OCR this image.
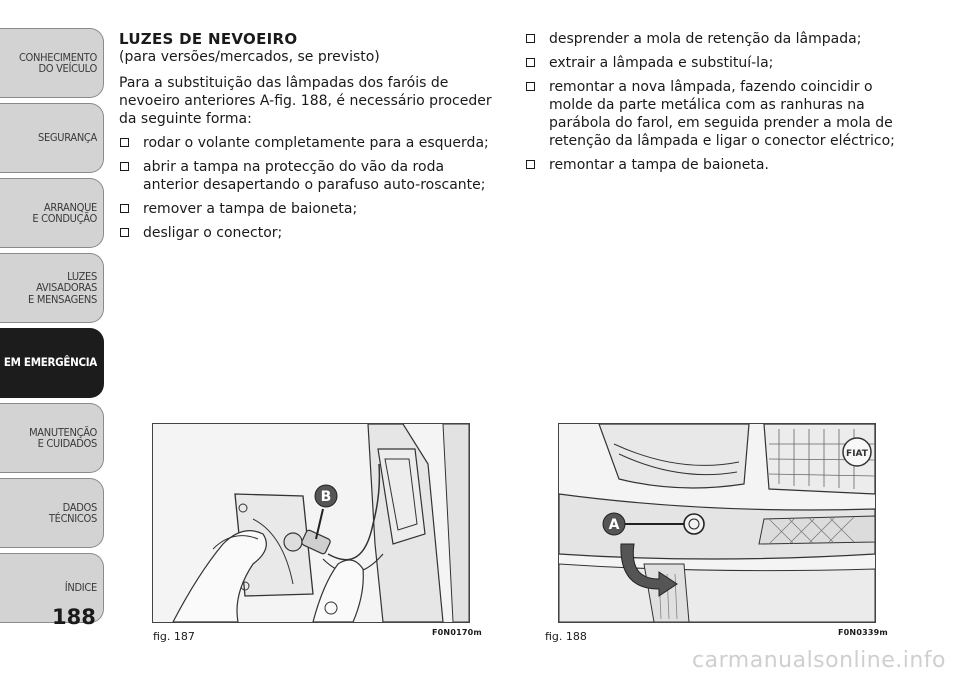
CONHECIMENTO
DO VEÍCULO
SEGURANÇA
ARRANQUE
E CONDUÇÃO
LUZES
AVISADORAS
E MENSAGENS
EM EMERGÊNCIA
MANUTENÇÃO
E CUIDADOS
DADOS
TÉCNICOS
ÍNDICE
188

LUZES DE NEVOEIRO

(para versões/mercados, se previsto)

Para a substituição das lâmpadas dos faróis de nevoeiro anteriores A-fig. 188, é necessário proceder da seguinte forma:

rodar o volante completamente para a esquerda;
abrir a tampa na protecção do vão da roda anterior desapertando o parafuso auto-roscante;
remover a tampa de baioneta;
desligar o conector;
desprender a mola de retenção da lâmpada;
extrair a lâmpada e substituí-la;
remontar a nova lâmpada, fazendo coincidir o molde da parte metálica com as ranhuras na parábola do farol, em seguida prender a mola de retenção da lâmpada e ligar o conector eléctrico;
remontar a tampa de baioneta.
B
fig. 187	F0N0170m
FIAT
A
fig. 188	F0N0339m
carmanualsonline.info
